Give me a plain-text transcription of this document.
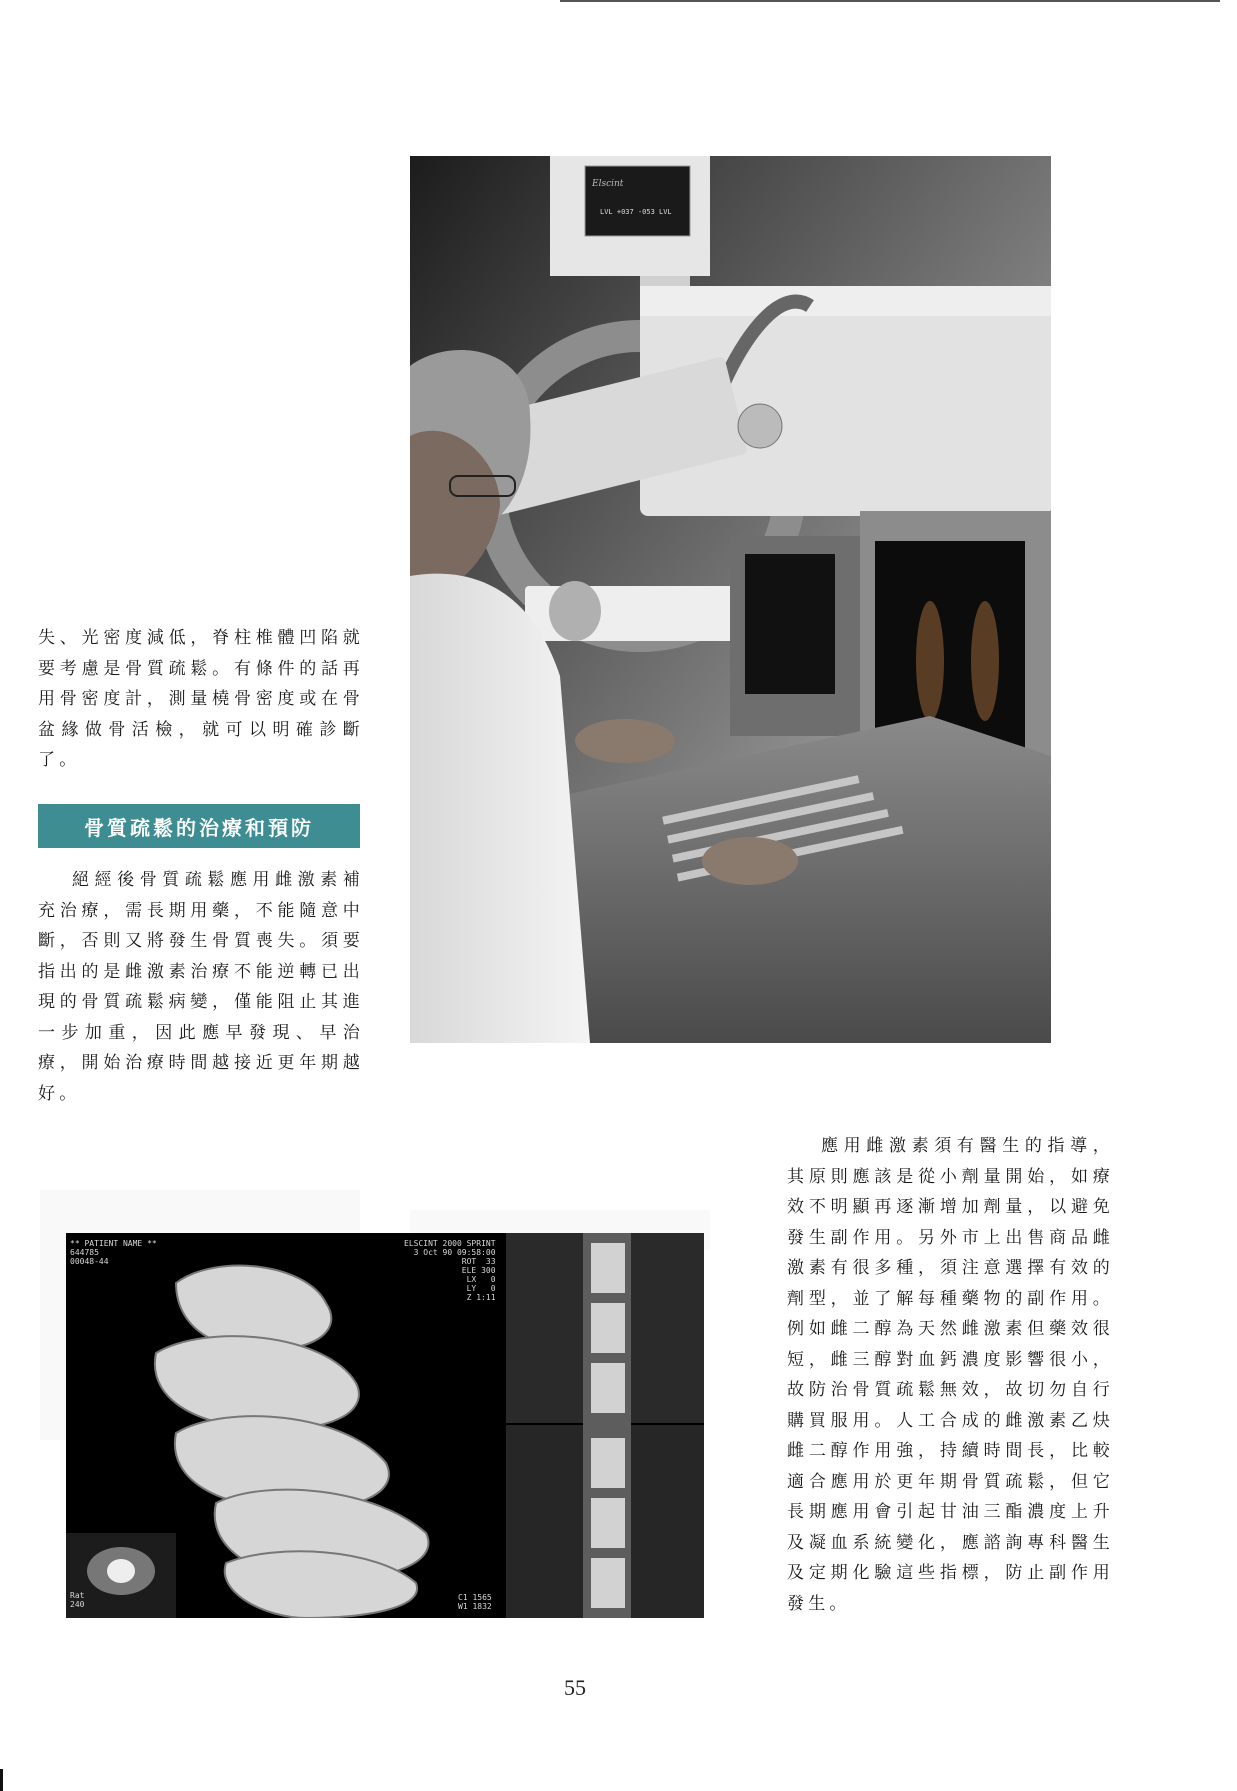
失、光密度減低，脊柱椎體凹陷就要考慮是骨質疏鬆。有條件的話再用骨密度計，測量橈骨密度或在骨盆緣做骨活檢，就可以明確診斷了。

骨質疏鬆的治療和預防

絕經後骨質疏鬆應用雌激素補充治療，需長期用藥，不能隨意中斷，否則又將發生骨質喪失。須要指出的是雌激素治療不能逆轉已出現的骨質疏鬆病變，僅能阻止其進一步加重，因此應早發現、早治療，開始治療時間越接近更年期越好。

應用雌激素須有醫生的指導，其原則應該是從小劑量開始，如療效不明顯再逐漸增加劑量，以避免發生副作用。另外市上出售商品雌激素有很多種，須注意選擇有效的劑型，並了解每種藥物的副作用。例如雌二醇為天然雌激素但藥效很短，雌三醇對血鈣濃度影響很小，故防治骨質疏鬆無效，故切勿自行購買服用。人工合成的雌激素乙炔雌二醇作用強，持續時間長，比較適合應用於更年期骨質疏鬆，但它長期應用會引起甘油三酯濃度上升及凝血系統變化，應諮詢專科醫生及定期化驗這些指標，防止副作用發生。

Elscint
LVL +037 -053 LVL
** PATIENT NAME **
644785
00048-44
ELSCINT 2000 SPRINT
3 Oct 90 09:58:00
ROT  33
ELE 300
LX   0
LY   0
Z 1:11
Rat
240
C1 1565
W1 1832
55
